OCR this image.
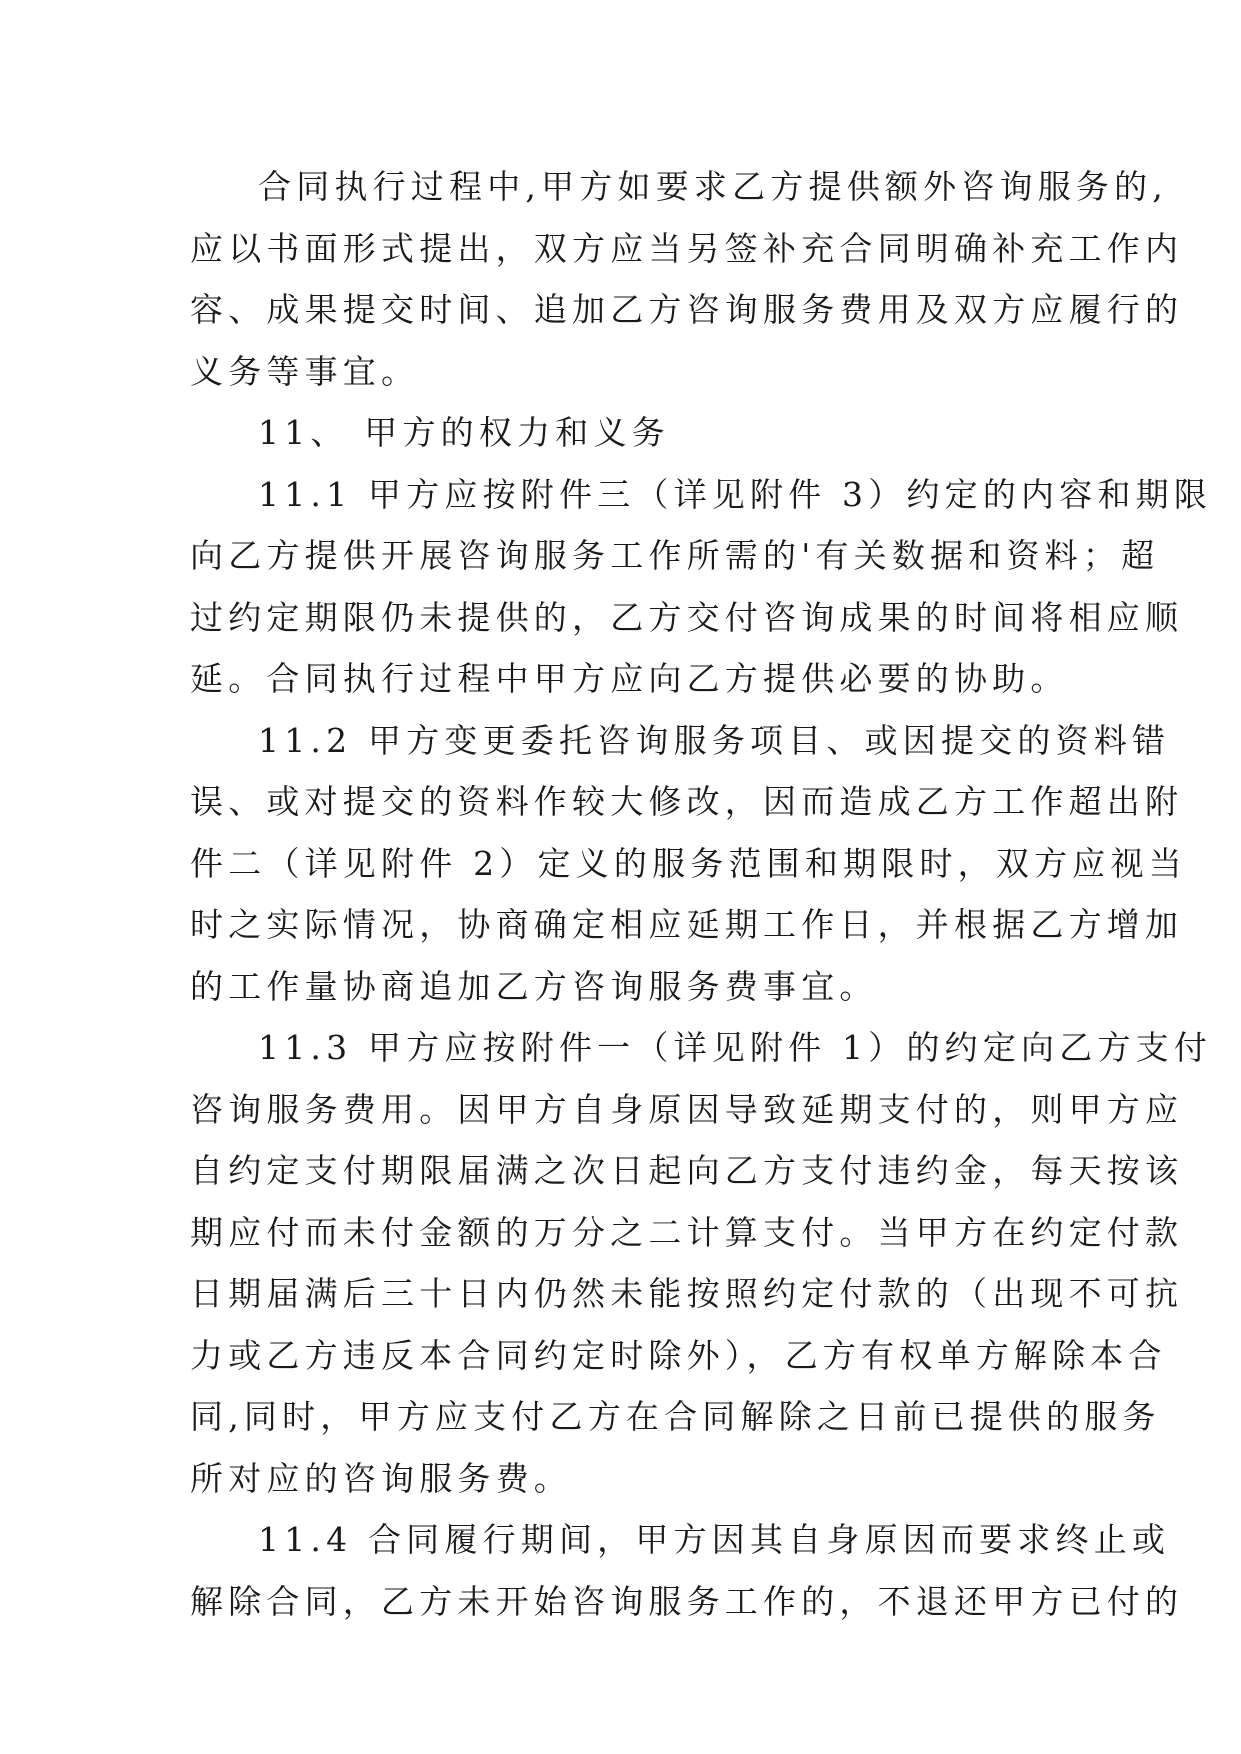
合同执行过程中,甲方如要求乙方提供额外咨询服务的,
应以书面形式提出，双方应当另签补充合同明确补充工作内
容、成果提交时间、追加乙方咨询服务费用及双方应履行的
义务等事宜。
11、 甲方的权力和义务
11.1 甲方应按附件三（详见附件 3）约定的内容和期限
向乙方提供开展咨询服务工作所需的'有关数据和资料；超
过约定期限仍未提供的，乙方交付咨询成果的时间将相应顺
延。合同执行过程中甲方应向乙方提供必要的协助。
11.2 甲方变更委托咨询服务项目、或因提交的资料错
误、或对提交的资料作较大修改，因而造成乙方工作超出附
件二（详见附件 2）定义的服务范围和期限时，双方应视当
时之实际情况，协商确定相应延期工作日，并根据乙方增加
的工作量协商追加乙方咨询服务费事宜。
11.3 甲方应按附件一（详见附件 1）的约定向乙方支付
咨询服务费用。因甲方自身原因导致延期支付的，则甲方应
自约定支付期限届满之次日起向乙方支付违约金，每天按该
期应付而未付金额的万分之二计算支付。当甲方在约定付款
日期届满后三十日内仍然未能按照约定付款的（出现不可抗
力或乙方违反本合同约定时除外），乙方有权单方解除本合
同,同时，甲方应支付乙方在合同解除之日前已提供的服务
所对应的咨询服务费。
11.4 合同履行期间，甲方因其自身原因而要求终止或
解除合同，乙方未开始咨询服务工作的，不退还甲方已付的
